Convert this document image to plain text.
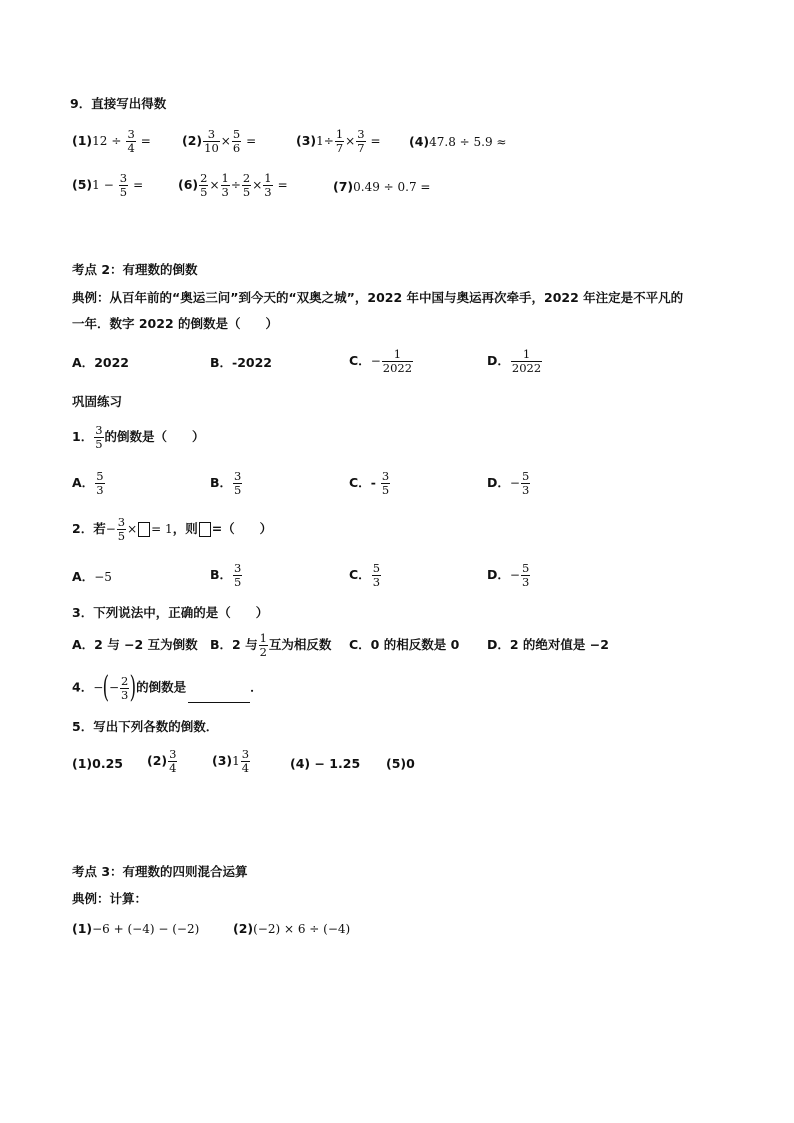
9．直接写出得数
$(1)12 \div \frac{3}{4} = (2) \frac{3}{10} \times \frac{5}{6}$ =	$(3)1\div \frac{1}{7} \times \frac{3}{7} = (4)47.8 \div 5.9$ ≈
$(5)1 - \frac{3}{5}$ =	$(6) \frac{2}{5} \times \frac{1}{3} \div \frac{2}{5} \times \frac{1}{3}$ =	(7)0.49 ÷ 0.7 =
考点 2：有理数的倒数
典例：从百年前的“奥运三问”到今天的“双奥之城”，2022 年中国与奥运再次牵手，2022 年注定是不平凡的
一年．数字 2022 的倒数是（　　）
A．2022	B．-2022	C．− $\frac{1}{2022}$	D． $\frac{1}{2022}$
巩固练习
1． $\frac{3}{5}$ 的倒数是（　　）
A． $\frac{5}{3}$	B． $\frac{3}{5}$	C．- $\frac{3}{5}$	D．− $\frac{5}{3}$
2．若− $\frac{3}{5}$ × = 1，则 =（　　）
A．−5	B． $\frac{3}{5}$	C． $\frac{5}{3}$	D．− $\frac{5}{3}$
3．下列说法中，正确的是（　　）
A．2 与 −2 互为倒数 B．2 与 $\frac{1}{2}$ 互为相反数 C．0 的相反数是 0 D．2 的绝对值是 −2
4．−(− $\frac{2}{3}$ )的倒数是	．
5．写出下列各数的倒数．
(1)0.25 $(2) \frac{3}{4}$	$(3)1 \frac{3}{4}$	(4) − 1.25 (5)0
考点 3：有理数的四则混合运算
典例：计算：
(1)−6 + (−4) − (−2)	(2)(−2) × 6 ÷ (−4)
